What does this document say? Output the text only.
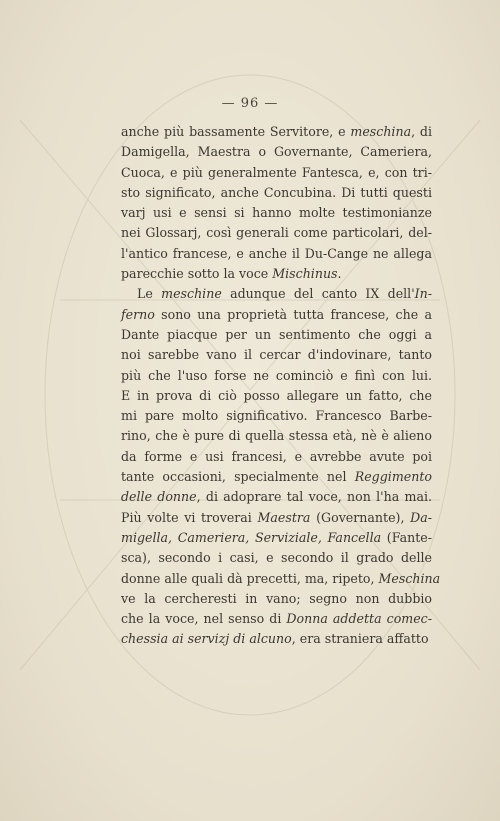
— 96 —
anche più bassamente Servitore, e meschina, di
Damigella, Maestra o Governante, Cameriera,
Cuoca, e più generalmente Fantesca, e, con tri-
sto significato, anche Concubina. Di tutti questi
varj usi e sensi si hanno molte testimonianze
nei Glossarj, così generali come particolari, del-
l'antico francese, e anche il Du-Cange ne allega
parecchie sotto la voce Mischinus.
Le meschine adunque del canto IX dell'In-
ferno sono una proprietà tutta francese, che a
Dante piacque per un sentimento che oggi a
noi sarebbe vano il cercar d'indovinare, tanto
più che l'uso forse ne cominciò e finì con lui.
E in prova di ciò posso allegare un fatto, che
mi pare molto significativo. Francesco Barbe-
rino, che è pure di quella stessa età, nè è alieno
da forme e usi francesi, e avrebbe avute poi
tante occasioni, specialmente nel Reggimento
delle donne, di adoprare tal voce, non l'ha mai.
Più volte vi troverai Maestra (Governante), Da-
migella, Cameriera, Serviziale, Fancella (Fante-
sca), secondo i casi, e secondo il grado delle
donne alle quali dà precetti, ma, ripeto, Meschina
ve la cercheresti in vano; segno non dubbio
che la voce, nel senso di Donna addetta comec-
chessia ai servizj di alcuno, era straniera affatto
